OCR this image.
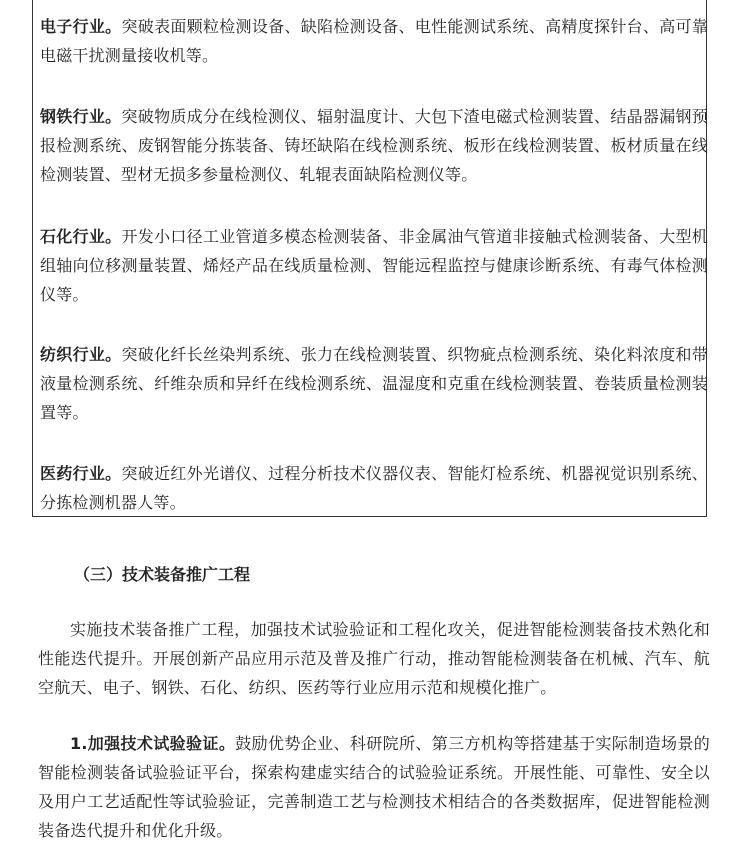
电子行业。突破表面颗粒检测设备、缺陷检测设备、电性能测试系统、高精度探针台、高可靠电磁干扰测量接收机等。

钢铁行业。突破物质成分在线检测仪、辐射温度计、大包下渣电磁式检测装置、结晶器漏钢预报检测系统、废钢智能分拣装备、铸坯缺陷在线检测系统、板形在线检测装置、板材质量在线检测装置、型材无损多参量检测仪、轧辊表面缺陷检测仪等。

石化行业。开发小口径工业管道多模态检测装备、非金属油气管道非接触式检测装备、大型机组轴向位移测量装置、烯烃产品在线质量检测、智能远程监控与健康诊断系统、有毒气体检测仪等。

纺织行业。突破化纤长丝染判系统、张力在线检测装置、织物疵点检测系统、染化料浓度和带液量检测系统、纤维杂质和异纤在线检测系统、温湿度和克重在线检测装置、卷装质量检测装置等。

医药行业。突破近红外光谱仪、过程分析技术仪器仪表、智能灯检系统、机器视觉识别系统、分拣检测机器人等。

（三）技术装备推广工程

实施技术装备推广工程，加强技术试验验证和工程化攻关，促进智能检测装备技术熟化和性能迭代提升。开展创新产品应用示范及普及推广行动，推动智能检测装备在机械、汽车、航空航天、电子、钢铁、石化、纺织、医药等行业应用示范和规模化推广。

1.加强技术试验验证。鼓励优势企业、科研院所、第三方机构等搭建基于实际制造场景的智能检测装备试验验证平台，探索构建虚实结合的试验验证系统。开展性能、可靠性、安全以及用户工艺适配性等试验验证，完善制造工艺与检测技术相结合的各类数据库，促进智能检测装备迭代提升和优化升级。
